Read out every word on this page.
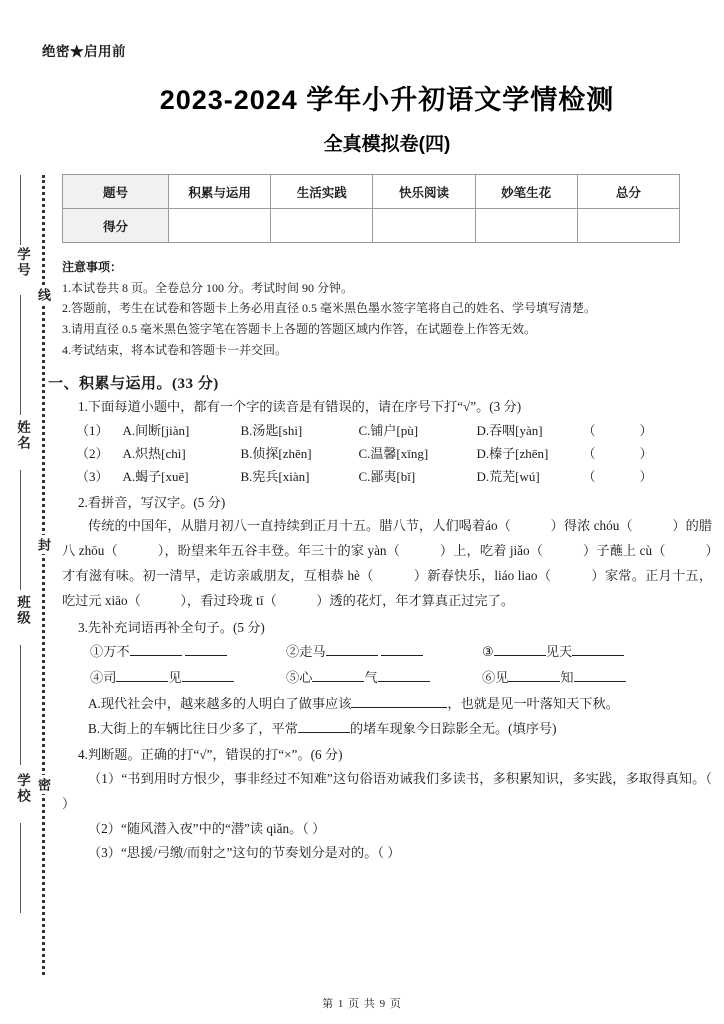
学号
姓名
班级
学校
线
封
密
绝密★启用前
2023-2024 学年小升初语文学情检测
全真模拟卷(四)
题号	积累与运用	生活实践	快乐阅读	妙笔生花	总分
得分					
注意事项：
1.本试卷共 8 页。全卷总分 100 分。考试时间 90 分钟。
2.答题前，考生在试卷和答题卡上务必用直径 0.5 毫米黑色墨水签字笔将自己的姓名、学号填写清楚。
3.请用直径 0.5 毫米黑色签字笔在答题卡上各题的答题区域内作答，在试题卷上作答无效。
4.考试结束，将本试卷和答题卡一并交回。
一、积累与运用。(33 分)
1.下面每道小题中，都有一个字的读音是有错误的，请在序号下打“√”。(3 分)
（1） A.间断[jiàn]	B.汤匙[shi]	C.铺户[pù]	D.吞咽[yàn]	（　　）
（2） A.炽热[chì]	B.侦探[zhēn]	C.温馨[xīng]	D.榛子[zhēn]	（　　）
（3） A.蝎子[xuē]	B.宪兵[xiàn]	C.鄙夷[bǐ]	D.荒芜[wú]	（　　）
2.看拼音，写汉字。(5 分)
传统的中国年，从腊月初八一直持续到正月十五。腊八节，人们喝着áo（　　　	）得浓 chóu（　　　	）的腊八 zhōu（　　　	），盼望来年五谷丰登。年三十的家 yàn（　　　	）上，吃着 jiǎo（　　　	）子蘸上 cù（　　　	）才有滋有味。初一清早，走访亲戚朋友，互相恭 hè（　　　	）新春快乐，liáo liao（　　　	）家常。正月十五，吃过元 xiāo（　　　	），看过玲珑 tī（　　　	）透的花灯，年才算真正过完了。
3.先补充词语再补全句子。(5 分)
①万不	②走马	③	见天
④司	见	⑤心	气	⑥见	知
A.现代社会中，越来越多的人明白了做事应该	，也就是见一叶落知天下秋。
B.大街上的车辆比往日少多了，平常	的堵车现象今日踪影全无。(填序号)
4.判断题。正确的打“√”，错误的打“×”。(6 分)
（1）“书到用时方恨少，事非经过不知难”这句俗语劝诫我们多读书，多积累知识，多实践，多取得真知。（ ）
（2）“随风潜入夜”中的“潜”读 qiǎn。（ ）
（3）“思援/弓缴/而射之”这句的节奏划分是对的。（ ）
第 1 页 共 9 页
